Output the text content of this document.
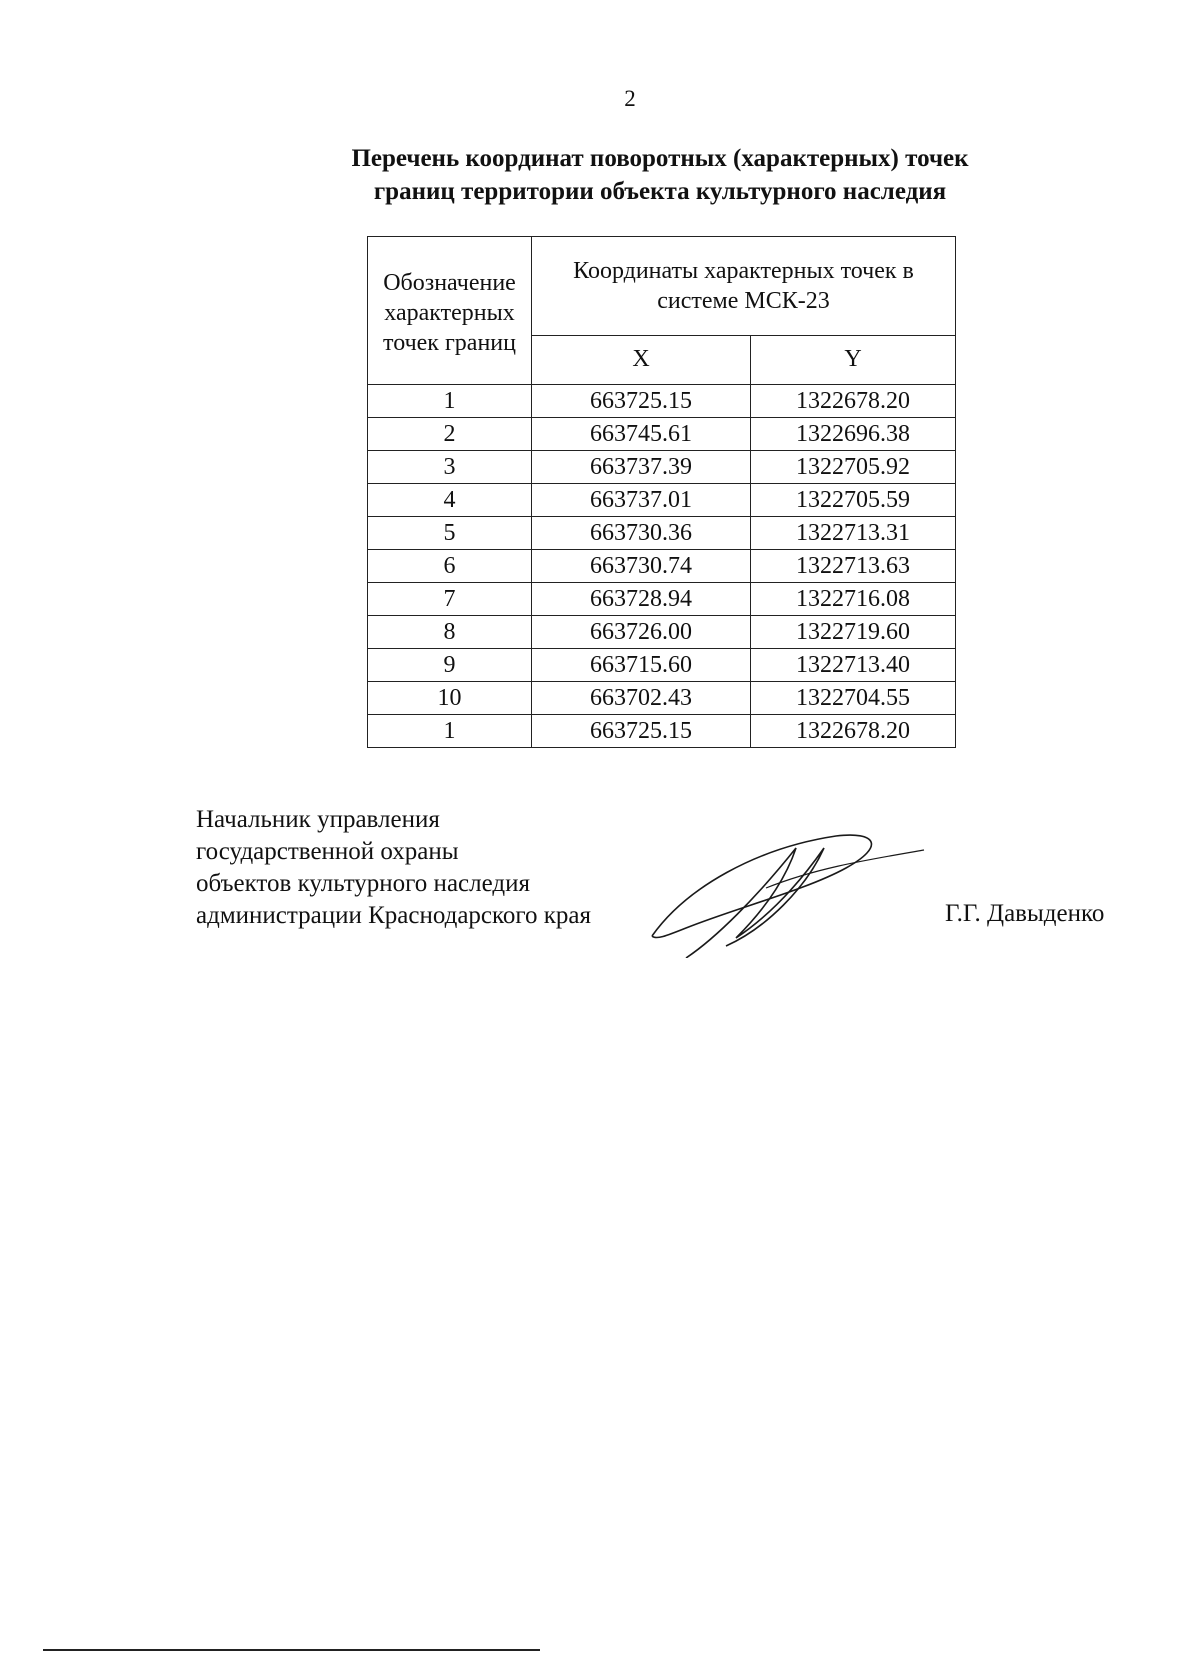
2
Перечень координат поворотных (характерных) точек
границ территории объекта культурного наследия
Обозначение характерных точек границ	Координаты характерных точек в системе МСК-23	
	X	Y
1	663725.15	1322678.20
2	663745.61	1322696.38
3	663737.39	1322705.92
4	663737.01	1322705.59
5	663730.36	1322713.31
6	663730.74	1322713.63
7	663728.94	1322716.08
8	663726.00	1322719.60
9	663715.60	1322713.40
10	663702.43	1322704.55
1	663725.15	1322678.20
Начальник управления
государственной охраны
объектов культурного наследия
администрации Краснодарского края	Г.Г. Давыденко
